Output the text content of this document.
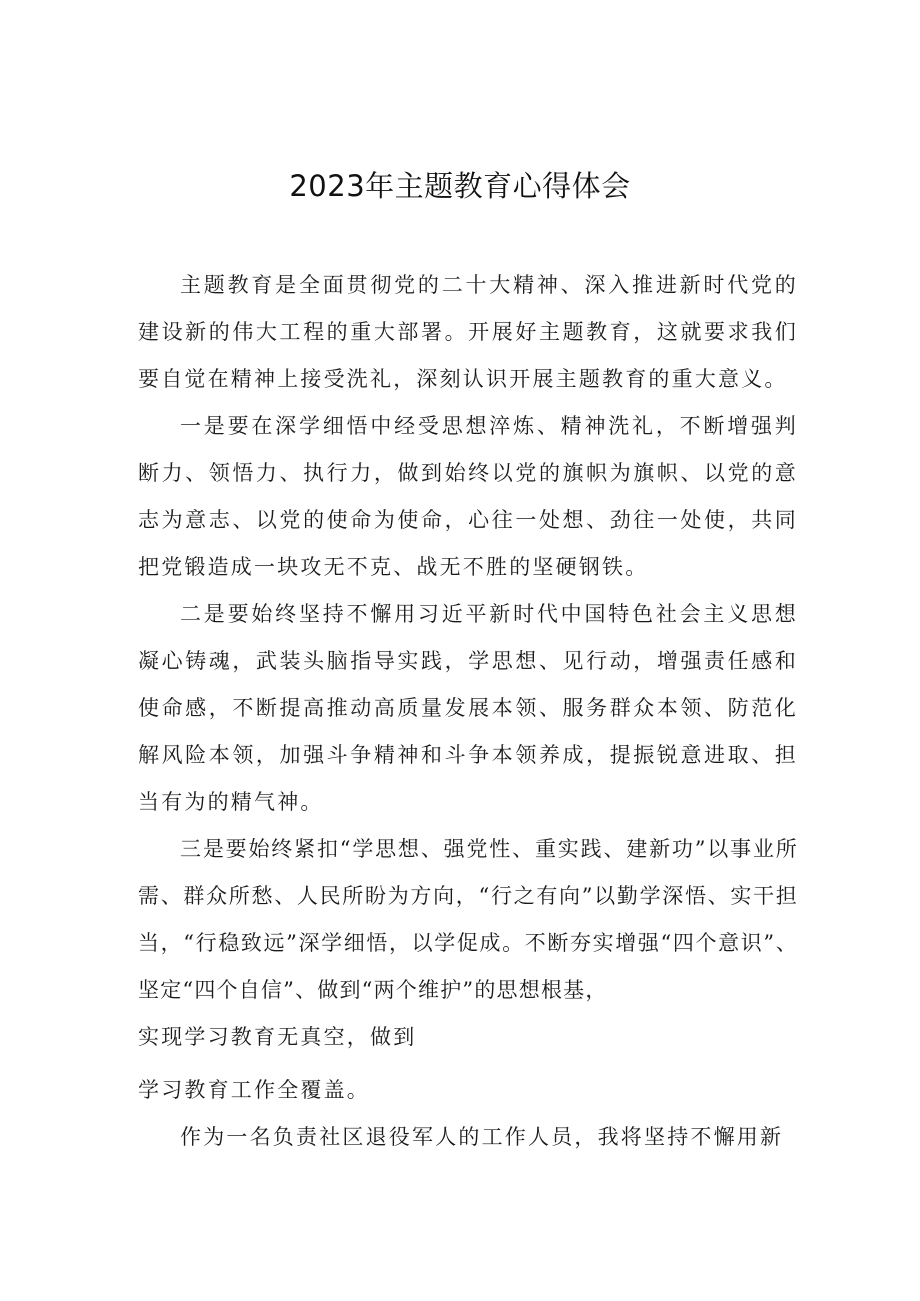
2023年主题教育心得体会

主题教育是全面贯彻党的二十大精神、深入推进新时代党的建设新的伟大工程的重大部署。开展好主题教育，这就要求我们要自觉在精神上接受洗礼，深刻认识开展主题教育的重大意义。

一是要在深学细悟中经受思想淬炼、精神洗礼，不断增强判断力、领悟力、执行力，做到始终以党的旗帜为旗帜、以党的意志为意志、以党的使命为使命，心往一处想、劲往一处使，共同把党锻造成一块攻无不克、战无不胜的坚硬钢铁。

二是要始终坚持不懈用习近平新时代中国特色社会主义思想凝心铸魂，武装头脑指导实践，学思想、见行动，增强责任感和使命感，不断提高推动高质量发展本领、服务群众本领、防范化解风险本领，加强斗争精神和斗争本领养成，提振锐意进取、担当有为的精气神。

三是要始终紧扣“学思想、强党性、重实践、建新功”以事业所需、群众所愁、人民所盼为方向，“行之有向”以勤学深悟、实干担当，“行稳致远”深学细悟，以学促成。不断夯实增强“四个意识”、坚定“四个自信”、做到“两个维护”的思想根基，

实现学习教育无真空，做到

学习教育工作全覆盖。

作为一名负责社区退役军人的工作人员，我将坚持不懈用新
